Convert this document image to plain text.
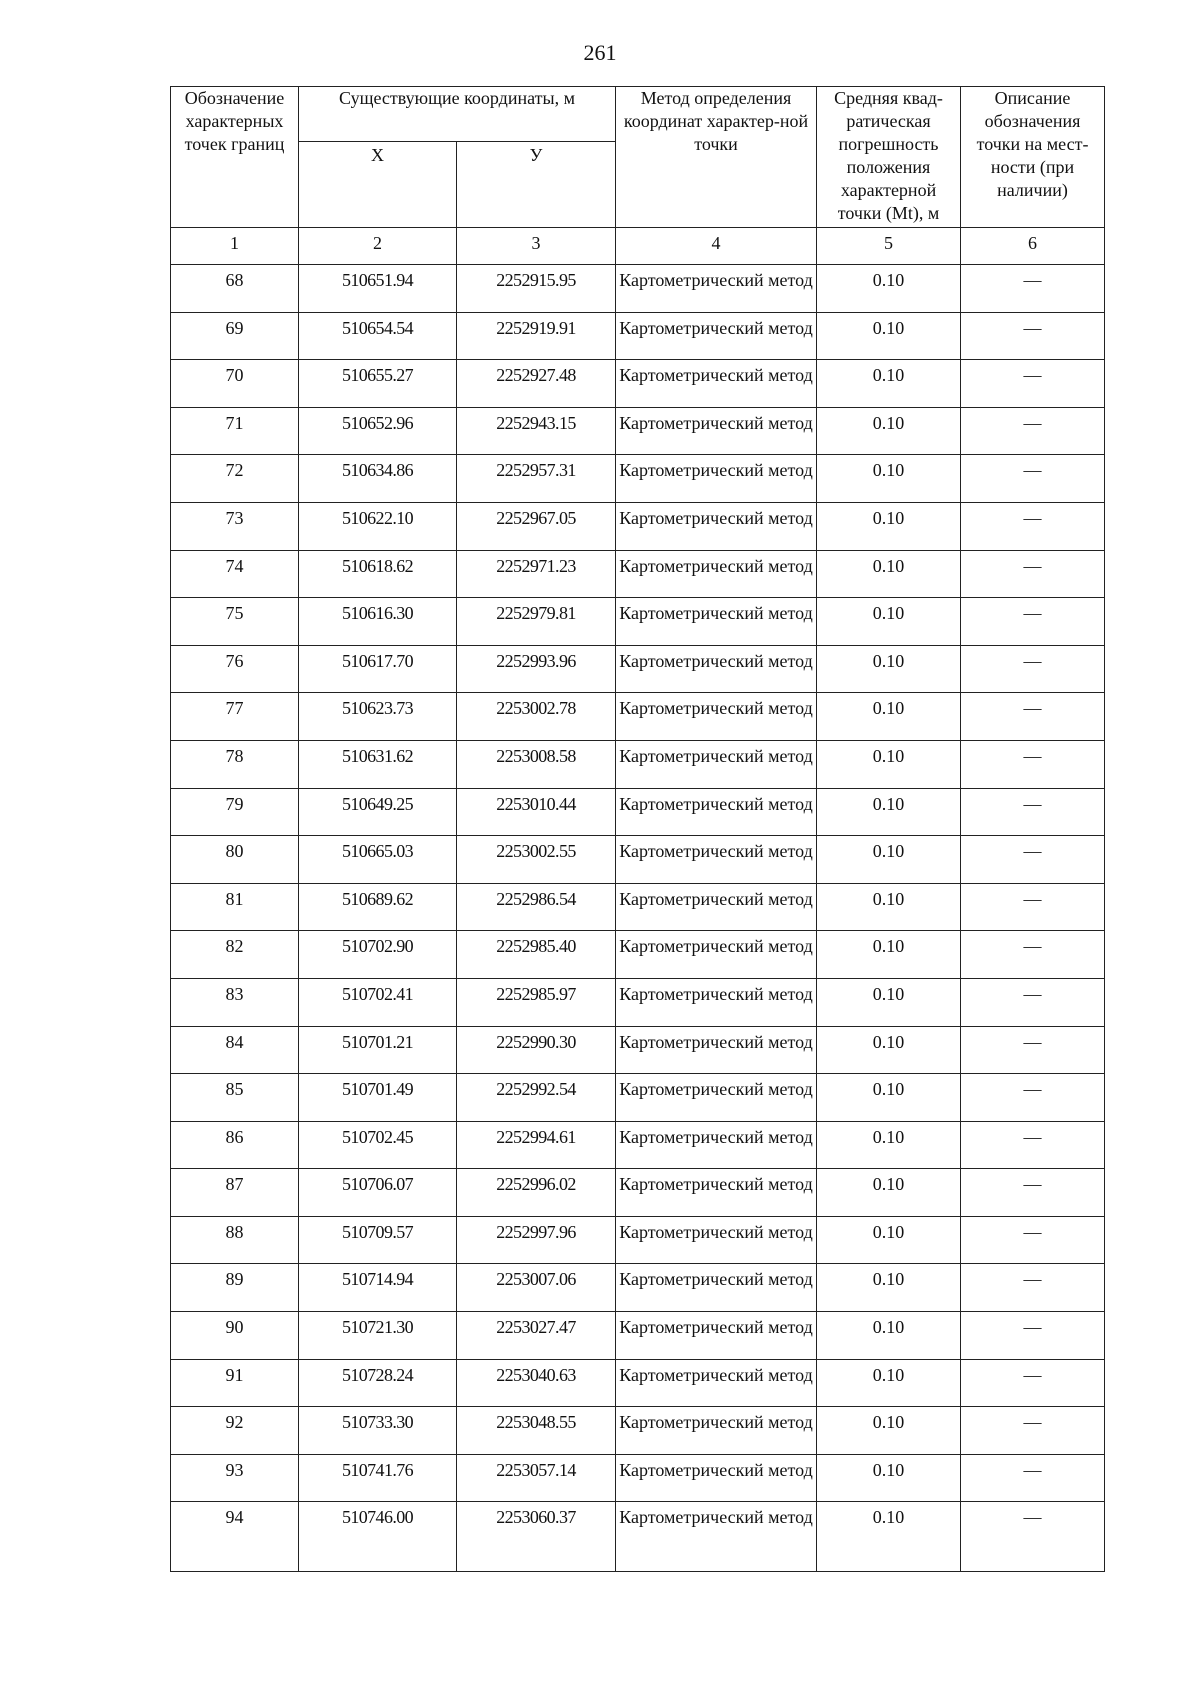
261
Обозначение характерных точек границ	Существующие координаты, м		Метод определения координат характер-ной точки	Средняя квад-ратическая погрешность положения характерной точки (Mt), м	Описание обозначения точки на мест-ности (при наличии)
	Х	У			
1	2	3	4	5	6
68	510651.94	2252915.95	Картометрический метод	0.10	—
69	510654.54	2252919.91	Картометрический метод	0.10	—
70	510655.27	2252927.48	Картометрический метод	0.10	—
71	510652.96	2252943.15	Картометрический метод	0.10	—
72	510634.86	2252957.31	Картометрический метод	0.10	—
73	510622.10	2252967.05	Картометрический метод	0.10	—
74	510618.62	2252971.23	Картометрический метод	0.10	—
75	510616.30	2252979.81	Картометрический метод	0.10	—
76	510617.70	2252993.96	Картометрический метод	0.10	—
77	510623.73	2253002.78	Картометрический метод	0.10	—
78	510631.62	2253008.58	Картометрический метод	0.10	—
79	510649.25	2253010.44	Картометрический метод	0.10	—
80	510665.03	2253002.55	Картометрический метод	0.10	—
81	510689.62	2252986.54	Картометрический метод	0.10	—
82	510702.90	2252985.40	Картометрический метод	0.10	—
83	510702.41	2252985.97	Картометрический метод	0.10	—
84	510701.21	2252990.30	Картометрический метод	0.10	—
85	510701.49	2252992.54	Картометрический метод	0.10	—
86	510702.45	2252994.61	Картометрический метод	0.10	—
87	510706.07	2252996.02	Картометрический метод	0.10	—
88	510709.57	2252997.96	Картометрический метод	0.10	—
89	510714.94	2253007.06	Картометрический метод	0.10	—
90	510721.30	2253027.47	Картометрический метод	0.10	—
91	510728.24	2253040.63	Картометрический метод	0.10	—
92	510733.30	2253048.55	Картометрический метод	0.10	—
93	510741.76	2253057.14	Картометрический метод	0.10	—
94	510746.00	2253060.37	Картометрический метод	0.10	—
